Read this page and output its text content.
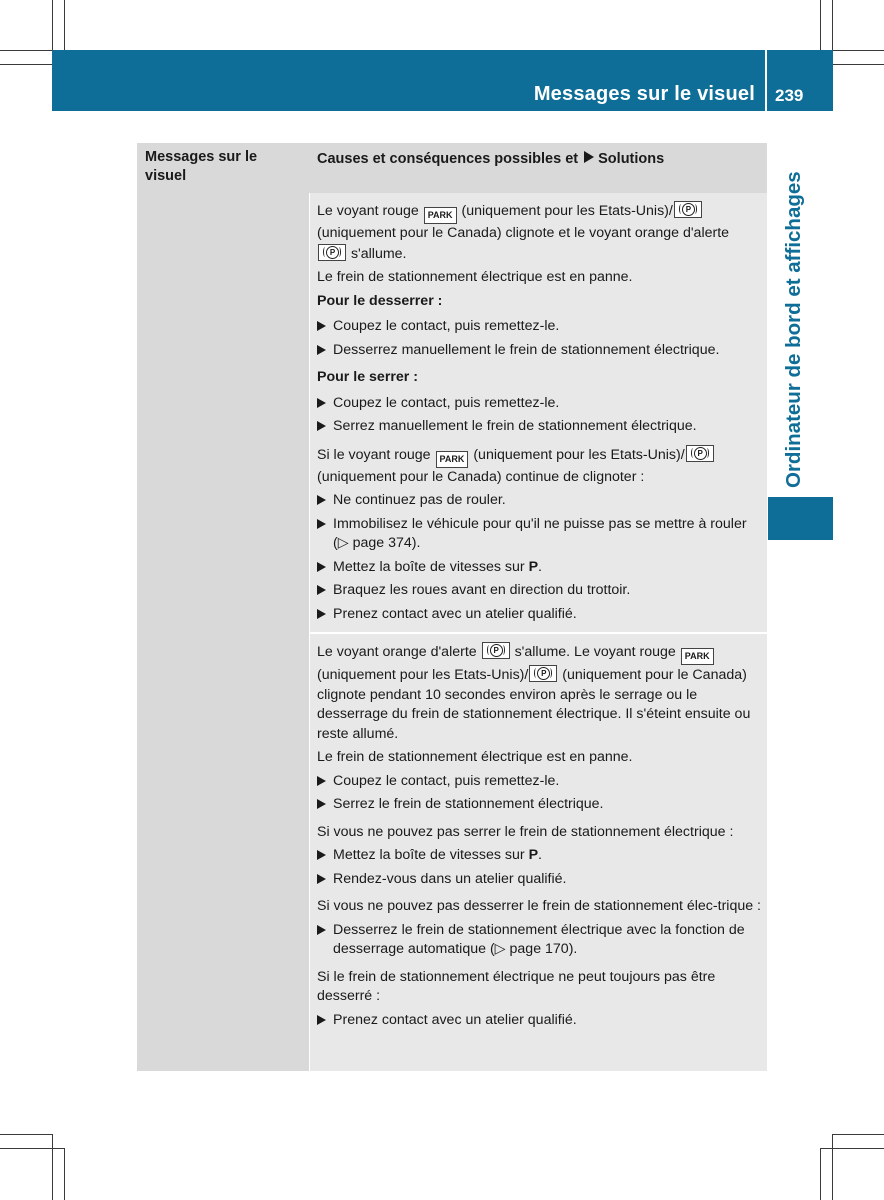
Messages sur le visuel 239
Ordinateur de bord et affichages
Messages sur le visuel
Causes et conséquences possibles et Solutions

Le voyant rouge PARK (uniquement pour les Etats-Unis)/	P
(uniquement pour le Canada) clignote et le voyant orange d'alerte
P s'allume.

Le frein de stationnement électrique est en panne.

Pour le desserrer :

Coupez le contact, puis remettez-le.
Desserrez manuellement le frein de stationnement électrique.

Pour le serrer :

Coupez le contact, puis remettez-le.
Serrez manuellement le frein de stationnement électrique.

Si le voyant rouge PARK (uniquement pour les Etats-Unis)/	P
(uniquement pour le Canada) continue de clignoter :

Ne continuez pas de rouler.
Immobilisez le véhicule pour qu'il ne puisse pas se mettre à rouler (▷ page 374).
Mettez la boîte de vitesses sur P.
Braquez les roues avant en direction du trottoir.
Prenez contact avec un atelier qualifié.

Le voyant orange d'alerte	P s'allume. Le voyant rouge PARK (uniquement pour les Etats-Unis)/	P (uniquement pour le Canada) clignote pendant 10 secondes environ après le serrage ou le desserrage du frein de stationnement électrique. Il s'éteint ensuite ou reste allumé.

Le frein de stationnement électrique est en panne.

Coupez le contact, puis remettez-le.
Serrez le frein de stationnement électrique.

Si vous ne pouvez pas serrer le frein de stationnement électrique :

Mettez la boîte de vitesses sur P.
Rendez-vous dans un atelier qualifié.

Si vous ne pouvez pas desserrer le frein de stationnement élec-trique :

Desserrez le frein de stationnement électrique avec la fonction de desserrage automatique (▷ page 170).

Si le frein de stationnement électrique ne peut toujours pas être desserré :

Prenez contact avec un atelier qualifié.
